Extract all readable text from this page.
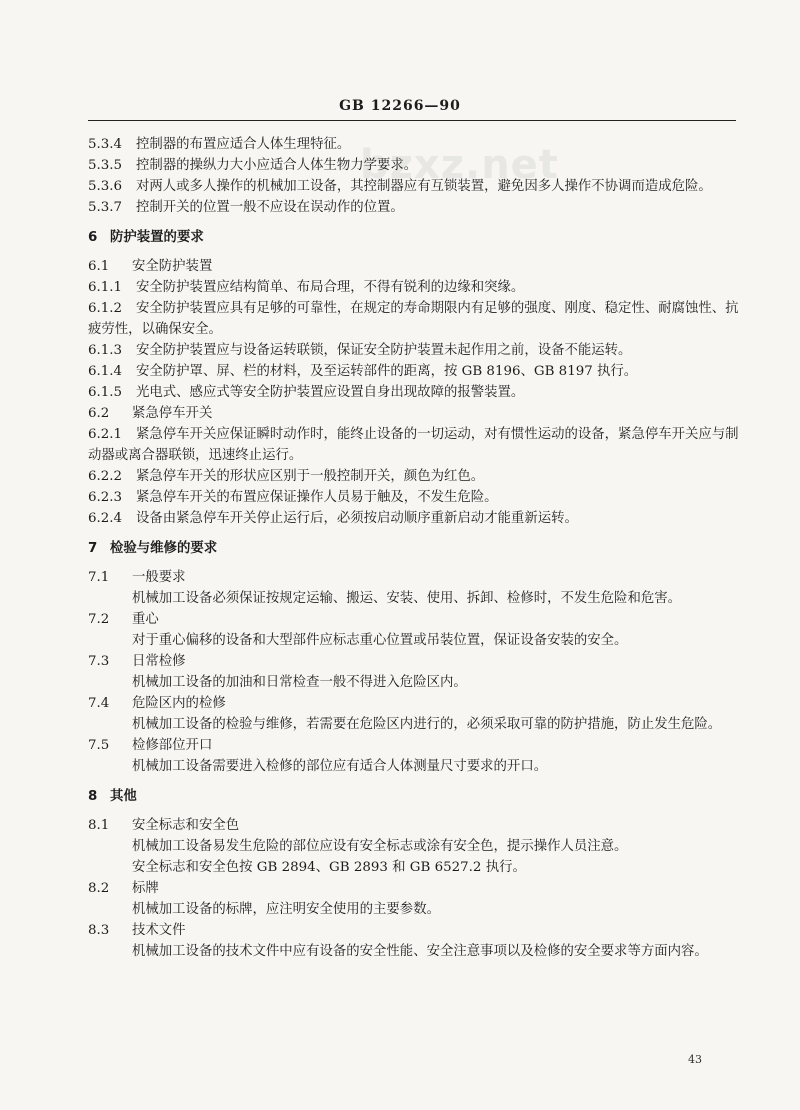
GB 12266—90
bzxz.net
5.3.4 控制器的布置应适合人体生理特征。
5.3.5 控制器的操纵力大小应适合人体生物力学要求。
5.3.6 对两人或多人操作的机械加工设备，其控制器应有互锁装置，避免因多人操作不协调而造成危险。
5.3.7 控制开关的位置一般不应设在误动作的位置。
6 防护装置的要求
6.1 安全防护装置
6.1.1 安全防护装置应结构简单、布局合理，不得有锐利的边缘和突缘。
6.1.2 安全防护装置应具有足够的可靠性，在规定的寿命期限内有足够的强度、刚度、稳定性、耐腐蚀性、抗疲劳性，以确保安全。
6.1.3 安全防护装置应与设备运转联锁，保证安全防护装置未起作用之前，设备不能运转。
6.1.4 安全防护罩、屏、栏的材料，及至运转部件的距离，按 GB 8196、GB 8197 执行。
6.1.5 光电式、感应式等安全防护装置应设置自身出现故障的报警装置。
6.2 紧急停车开关
6.2.1 紧急停车开关应保证瞬时动作时，能终止设备的一切运动，对有惯性运动的设备，紧急停车开关应与制动器或离合器联锁，迅速终止运行。
6.2.2 紧急停车开关的形状应区别于一般控制开关，颜色为红色。
6.2.3 紧急停车开关的布置应保证操作人员易于触及，不发生危险。
6.2.4 设备由紧急停车开关停止运行后，必须按启动顺序重新启动才能重新运转。
7 检验与维修的要求
7.1 一般要求
机械加工设备必须保证按规定运输、搬运、安装、使用、拆卸、检修时，不发生危险和危害。
7.2 重心
对于重心偏移的设备和大型部件应标志重心位置或吊装位置，保证设备安装的安全。
7.3 日常检修
机械加工设备的加油和日常检查一般不得进入危险区内。
7.4 危险区内的检修
机械加工设备的检验与维修，若需要在危险区内进行的，必须采取可靠的防护措施，防止发生危险。
7.5 检修部位开口
机械加工设备需要进入检修的部位应有适合人体测量尺寸要求的开口。
8 其他
8.1 安全标志和安全色
机械加工设备易发生危险的部位应设有安全标志或涂有安全色，提示操作人员注意。
安全标志和安全色按 GB 2894、GB 2893 和 GB 6527.2 执行。
8.2 标牌
机械加工设备的标牌，应注明安全使用的主要参数。
8.3 技术文件
机械加工设备的技术文件中应有设备的安全性能、安全注意事项以及检修的安全要求等方面内容。
43
